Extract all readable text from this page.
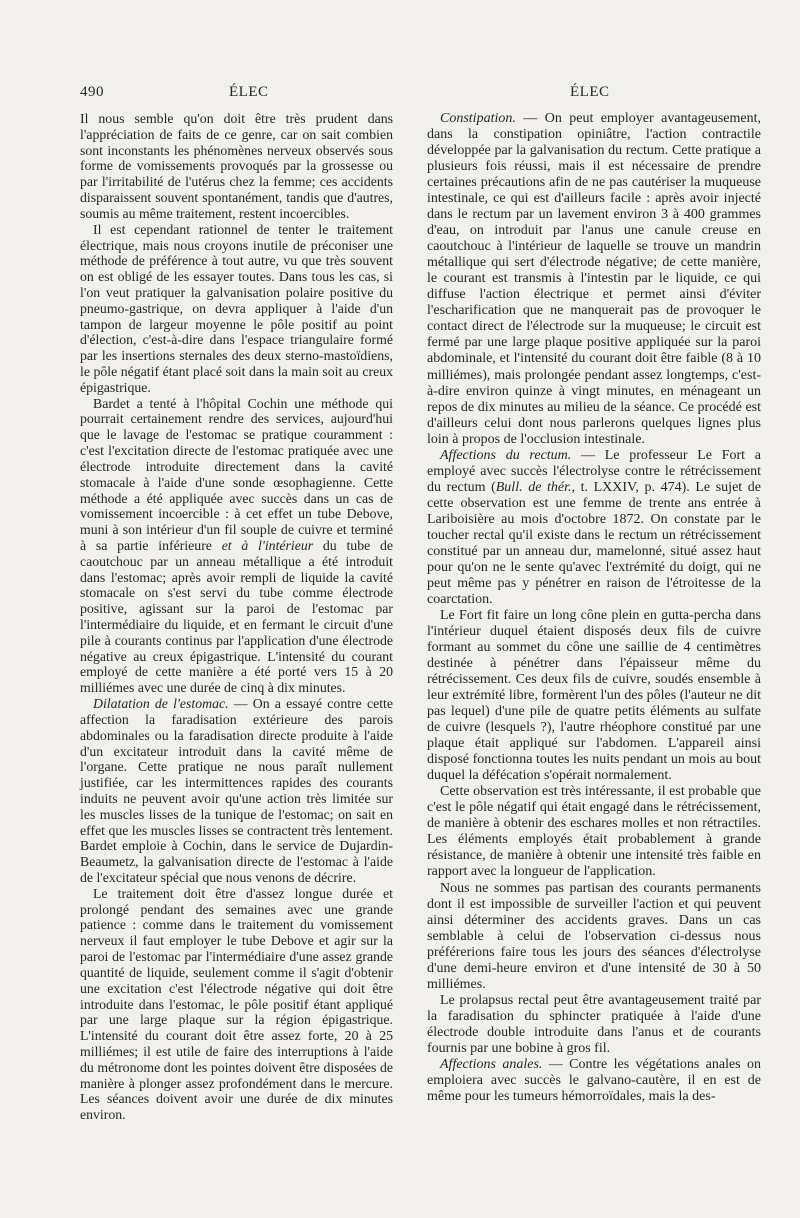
490	ÉLEC	ÉLEC

Il nous semble qu'on doit être très prudent dans l'appréciation de faits de ce genre, car on sait combien sont inconstants les phénomènes nerveux observés sous forme de vomissements provoqués par la grossesse ou par l'irritabilité de l'utérus chez la femme; ces accidents disparaissent souvent spontanément, tandis que d'autres, soumis au même traitement, restent incoercibles.

Il est cependant rationnel de tenter le traitement électrique, mais nous croyons inutile de préconiser une méthode de préférence à tout autre, vu que très souvent on est obligé de les essayer toutes. Dans tous les cas, si l'on veut pratiquer la galvanisation polaire positive du pneumo-gastrique, on devra appliquer à l'aide d'un tampon de largeur moyenne le pôle positif au point d'élection, c'est-à-dire dans l'espace triangulaire formé par les insertions sternales des deux sterno-mastoïdiens, le pôle négatif étant placé soit dans la main soit au creux épigastrique.

Bardet a tenté à l'hôpital Cochin une méthode qui pourrait certainement rendre des services, aujourd'hui que le lavage de l'estomac se pratique couramment : c'est l'excitation directe de l'estomac pratiquée avec une électrode introduite directement dans la cavité stomacale à l'aide d'une sonde œsophagienne. Cette méthode a été appliquée avec succès dans un cas de vomissement incoercible : à cet effet un tube Debove, muni à son intérieur d'un fil souple de cuivre et terminé à sa partie inférieure et à l'intérieur du tube de caoutchouc par un anneau métallique a été introduit dans l'estomac; après avoir rempli de liquide la cavité stomacale on s'est servi du tube comme électrode positive, agissant sur la paroi de l'estomac par l'intermédiaire du liquide, et en fermant le circuit d'une pile à courants continus par l'application d'une électrode négative au creux épigastrique. L'intensité du courant employé de cette manière a été porté vers 15 à 20 milliémes avec une durée de cinq à dix minutes.

Dilatation de l'estomac. — On a essayé contre cette affection la faradisation extérieure des parois abdominales ou la faradisation directe produite à l'aide d'un excitateur introduit dans la cavité même de l'organe. Cette pratique ne nous paraît nullement justifiée, car les intermittences rapides des courants induits ne peuvent avoir qu'une action très limitée sur les muscles lisses de la tunique de l'estomac; on sait en effet que les muscles lisses se contractent très lentement. Bardet emploie à Cochin, dans le service de Dujardin-Beaumetz, la galvanisation directe de l'estomac à l'aide de l'excitateur spécial que nous venons de décrire.

Le traitement doit être d'assez longue durée et prolongé pendant des semaines avec une grande patience : comme dans le traitement du vomissement nerveux il faut employer le tube Debove et agir sur la paroi de l'estomac par l'intermédiaire d'une assez grande quantité de liquide, seulement comme il s'agit d'obtenir une excitation c'est l'électrode négative qui doit être introduite dans l'estomac, le pôle positif étant appliqué par une large plaque sur la région épigastrique. L'intensité du courant doit être assez forte, 20 à 25 milliémes; il est utile de faire des interruptions à l'aide du métronome dont les pointes doivent être disposées de manière à plonger assez profondément dans le mercure. Les séances doivent avoir une durée de dix minutes environ.

Constipation. — On peut employer avantageusement, dans la constipation opiniâtre, l'action contractile développée par la galvanisation du rectum. Cette pratique a plusieurs fois réussi, mais il est nécessaire de prendre certaines précautions afin de ne pas cautériser la muqueuse intestinale, ce qui est d'ailleurs facile : après avoir injecté dans le rectum par un lavement environ 3 à 400 grammes d'eau, on introduit par l'anus une canule creuse en caoutchouc à l'intérieur de laquelle se trouve un mandrin métallique qui sert d'électrode négative; de cette manière, le courant est transmis à l'intestin par le liquide, ce qui diffuse l'action électrique et permet ainsi d'éviter l'escharification que ne manquerait pas de provoquer le contact direct de l'électrode sur la muqueuse; le circuit est fermé par une large plaque positive appliquée sur la paroi abdominale, et l'intensité du courant doit être faible (8 à 10 milliémes), mais prolongée pendant assez longtemps, c'est-à-dire environ quinze à vingt minutes, en ménageant un repos de dix minutes au milieu de la séance. Ce procédé est d'ailleurs celui dont nous parlerons quelques lignes plus loin à propos de l'occlusion intestinale.

Affections du rectum. — Le professeur Le Fort a employé avec succès l'électrolyse contre le rétrécissement du rectum (Bull. de thér., t. LXXIV, p. 474). Le sujet de cette observation est une femme de trente ans entrée à Lariboisière au mois d'octobre 1872. On constate par le toucher rectal qu'il existe dans le rectum un rétrécissement constitué par un anneau dur, mamelonné, situé assez haut pour qu'on ne le sente qu'avec l'extrémité du doigt, qui ne peut même pas y pénétrer en raison de l'étroitesse de la coarctation.

Le Fort fit faire un long cône plein en gutta-percha dans l'intérieur duquel étaient disposés deux fils de cuivre formant au sommet du cône une saillie de 4 centimètres destinée à pénétrer dans l'épaisseur même du rétrécissement. Ces deux fils de cuivre, soudés ensemble à leur extrémité libre, formèrent l'un des pôles (l'auteur ne dit pas lequel) d'une pile de quatre petits éléments au sulfate de cuivre (lesquels ?), l'autre rhéophore constitué par une plaque était appliqué sur l'abdomen. L'appareil ainsi disposé fonctionna toutes les nuits pendant un mois au bout duquel la défécation s'opérait normalement.

Cette observation est très intéressante, il est probable que c'est le pôle négatif qui était engagé dans le rétrécissement, de manière à obtenir des eschares molles et non rétractiles. Les éléments employés était probablement à grande résistance, de manière à obtenir une intensité très faible en rapport avec la longueur de l'application.

Nous ne sommes pas partisan des courants permanents dont il est impossible de surveiller l'action et qui peuvent ainsi déterminer des accidents graves. Dans un cas semblable à celui de l'observation ci-dessus nous préférerions faire tous les jours des séances d'électrolyse d'une demi-heure environ et d'une intensité de 30 à 50 milliémes.

Le prolapsus rectal peut être avantageusement traité par la faradisation du sphincter pratiquée à l'aide d'une électrode double introduite dans l'anus et de courants fournis par une bobine à gros fil.

Affections anales. — Contre les végétations anales on emploiera avec succès le galvano-cautère, il en est de même pour les tumeurs hémorroïdales, mais la des-
